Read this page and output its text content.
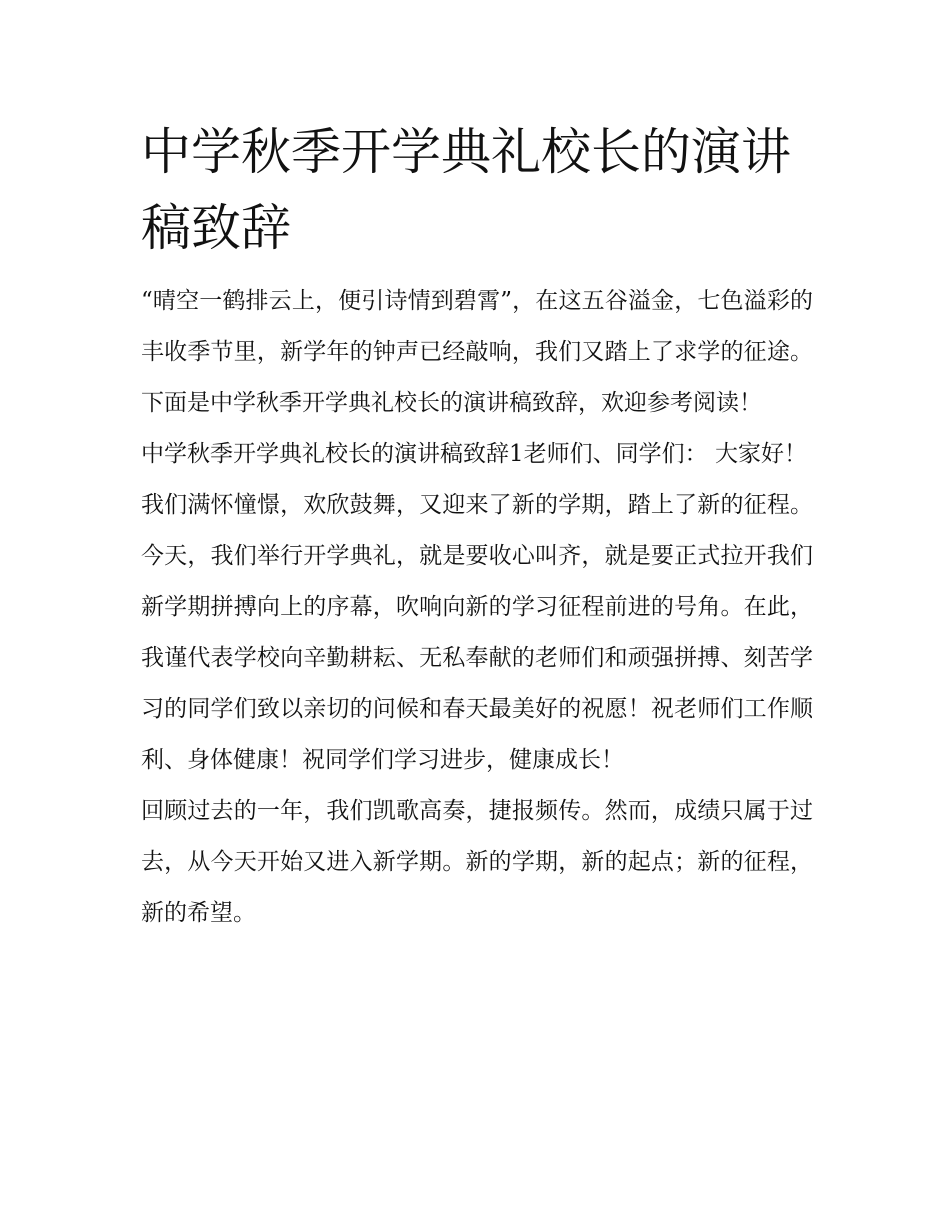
中学秋季开学典礼校长的演讲稿致辞

“晴空一鹤排云上，便引诗情到碧霄”，在这五谷溢金，七色溢彩的丰收季节里，新学年的钟声已经敲响，我们又踏上了求学的征途。下面是中学秋季开学典礼校长的演讲稿致辞，欢迎参考阅读！

中学秋季开学典礼校长的演讲稿致辞1老师们、同学们： 大家好！

我们满怀憧憬，欢欣鼓舞，又迎来了新的学期，踏上了新的征程。今天，我们举行开学典礼，就是要收心叫齐，就是要正式拉开我们新学期拼搏向上的序幕，吹响向新的学习征程前进的号角。在此，我谨代表学校向辛勤耕耘、无私奉献的老师们和顽强拼搏、刻苦学习的同学们致以亲切的问候和春天最美好的祝愿！祝老师们工作顺利、身体健康！祝同学们学习进步，健康成长！

回顾过去的一年，我们凯歌高奏，捷报频传。然而，成绩只属于过去，从今天开始又进入新学期。新的学期，新的起点；新的征程，新的希望。
